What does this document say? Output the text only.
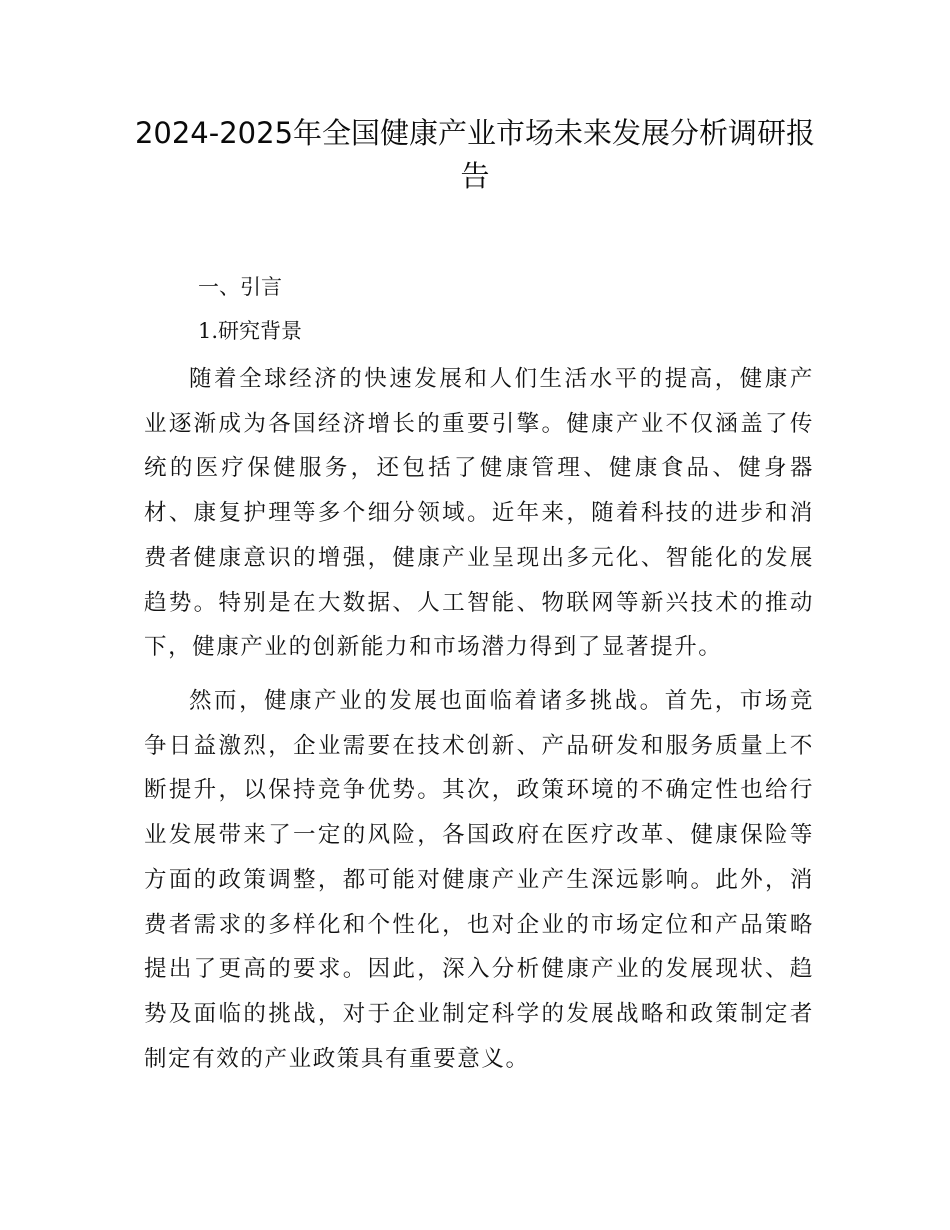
2024-2025年全国健康产业市场未来发展分析调研报告
一、引言
1.研究背景

随着全球经济的快速发展和人们生活水平的提高，健康产业逐渐成为各国经济增长的重要引擎。健康产业不仅涵盖了传统的医疗保健服务，还包括了健康管理、健康食品、健身器材、康复护理等多个细分领域。近年来，随着科技的进步和消费者健康意识的增强，健康产业呈现出多元化、智能化的发展趋势。特别是在大数据、人工智能、物联网等新兴技术的推动下，健康产业的创新能力和市场潜力得到了显著提升。

然而，健康产业的发展也面临着诸多挑战。首先，市场竞争日益激烈，企业需要在技术创新、产品研发和服务质量上不断提升，以保持竞争优势。其次，政策环境的不确定性也给行业发展带来了一定的风险，各国政府在医疗改革、健康保险等方面的政策调整，都可能对健康产业产生深远影响。此外，消费者需求的多样化和个性化，也对企业的市场定位和产品策略提出了更高的要求。因此，深入分析健康产业的发展现状、趋势及面临的挑战，对于企业制定科学的发展战略和政策制定者制定有效的产业政策具有重要意义。
